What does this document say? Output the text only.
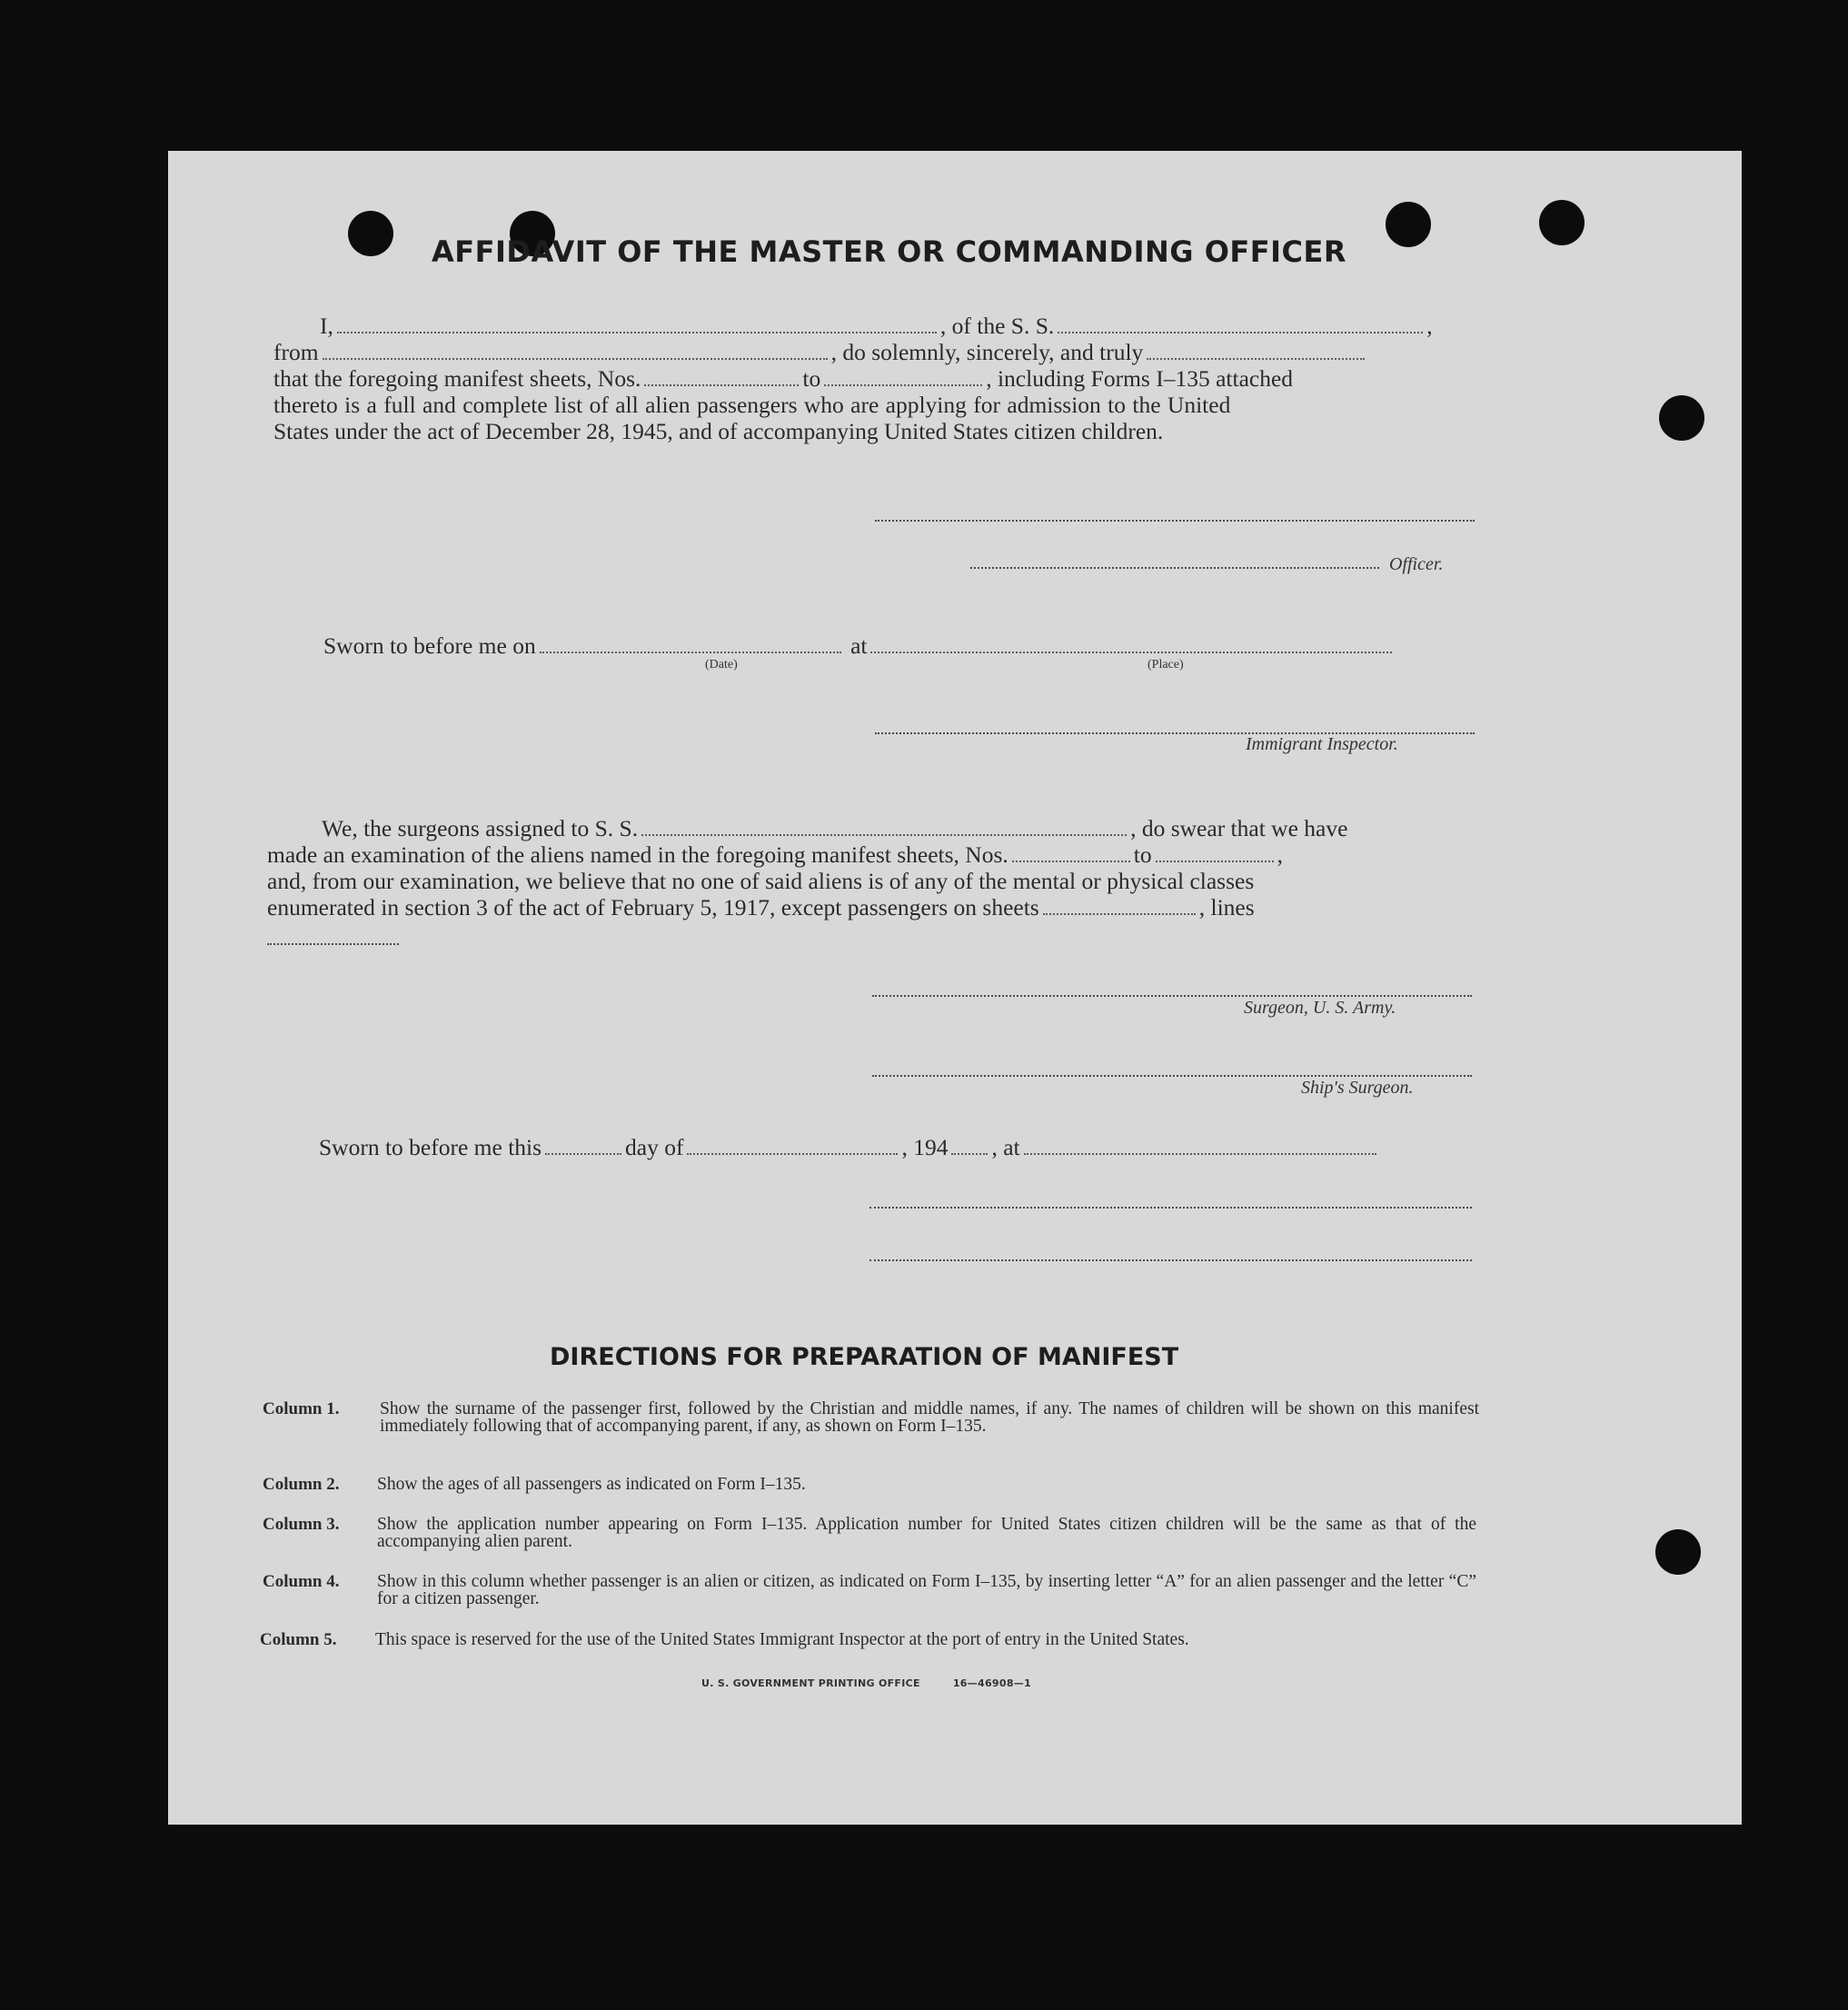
AFFIDAVIT OF THE MASTER OR COMMANDING OFFICER
I,	, of the S. S.	,
from	, do solemnly, sincerely, and truly
that the foregoing manifest sheets, Nos.	to	, including Forms I–135 attached
thereto is a full and complete list of all alien passengers who are applying for admission to the United
States under the act of December 28, 1945, and of accompanying United States citizen children.
Officer.
Sworn to before me on	at
(Date)	(Place)
Immigrant Inspector.
We, the surgeons assigned to S. S.	, do swear that we have
made an examination of the aliens named in the foregoing manifest sheets, Nos.	to	,
and, from our examination, we believe that no one of said aliens is of any of the mental or physical classes
enumerated in section 3 of the act of February 5, 1917, except passengers on sheets	, lines
Surgeon, U. S. Army.
Ship's Surgeon.
Sworn to before me this	day of	, 194 , at
DIRECTIONS FOR PREPARATION OF MANIFEST
Column 1. Show the surname of the passenger first, followed by the Christian and middle names, if any. The names of children will be shown on this manifest immediately following that of accompanying parent, if any, as shown on Form I–135.
Column 2. Show the ages of all passengers as indicated on Form I–135.
Column 3. Show the application number appearing on Form I–135. Application number for United States citizen children will be the same as that of the accompanying alien parent.
Column 4. Show in this column whether passenger is an alien or citizen, as indicated on Form I–135, by inserting letter “A” for an alien passenger and the letter “C” for a citizen passenger.
Column 5. This space is reserved for the use of the United States Immigrant Inspector at the port of entry in the United States.
U. S. GOVERNMENT PRINTING OFFICE	16—46908—1
